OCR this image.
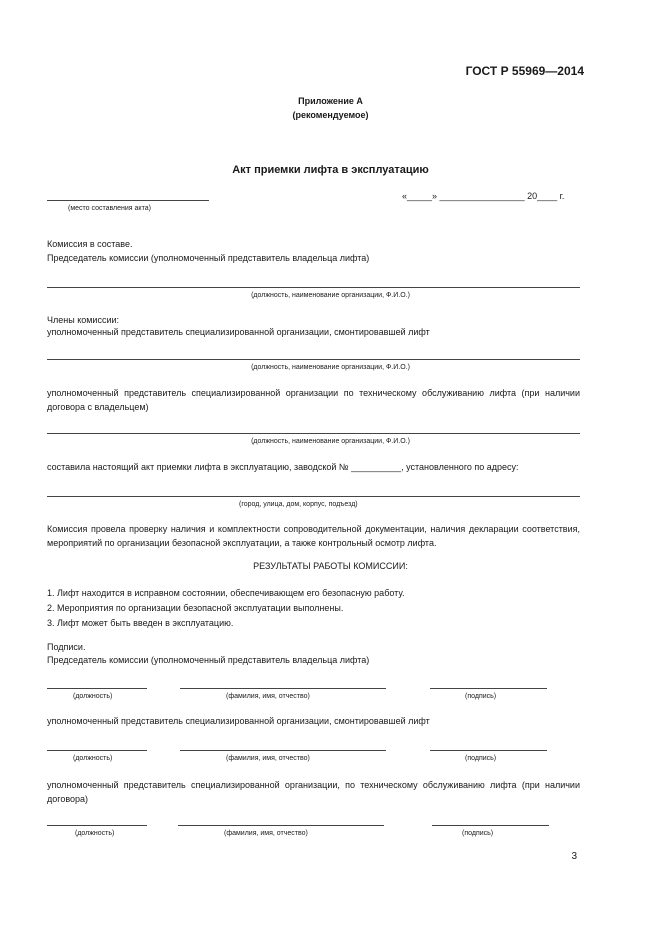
ГОСТ Р 55969—2014
Приложение А
(рекомендуемое)
Акт приемки лифта в эксплуатацию
(место составления акта)
«_____» _________________ 20____ г.
Комиссия в составе.
Председатель комиссии (уполномоченный представитель владельца лифта)
(должность, наименование организации, Ф.И.О.)
Члены комиссии:
уполномоченный представитель специализированной организации, смонтировавшей лифт
(должность, наименование организации, Ф.И.О.)
уполномоченный представитель специализированной организации по техническому обслуживанию лифта (при наличии договора с владельцем)
(должность, наименование организации, Ф.И.О.)
составила настоящий акт приемки лифта в эксплуатацию, заводской № __________, установленного по адресу:
(город, улица, дом, корпус, подъезд)
Комиссия провела проверку наличия и комплектности сопроводительной документации, наличия декларации соответствия, мероприятий по организации безопасной эксплуатации, а также контрольный осмотр лифта.
РЕЗУЛЬТАТЫ РАБОТЫ КОМИССИИ:
1. Лифт находится в исправном состоянии, обеспечивающем его безопасную работу.
2. Мероприятия по организации безопасной эксплуатации выполнены.
3. Лифт может быть введен в эксплуатацию.
Подписи.
Председатель комиссии (уполномоченный представитель владельца лифта)
(должность)	(фамилия, имя, отчество)	(подпись)
уполномоченный представитель специализированной организации, смонтировавшей лифт
(должность)	(фамилия, имя, отчество)	(подпись)
уполномоченный представитель специализированной организации, по техническому обслуживанию лифта (при наличии договора)
(должность)	(фамилия, имя, отчество)	(подпись)
3
